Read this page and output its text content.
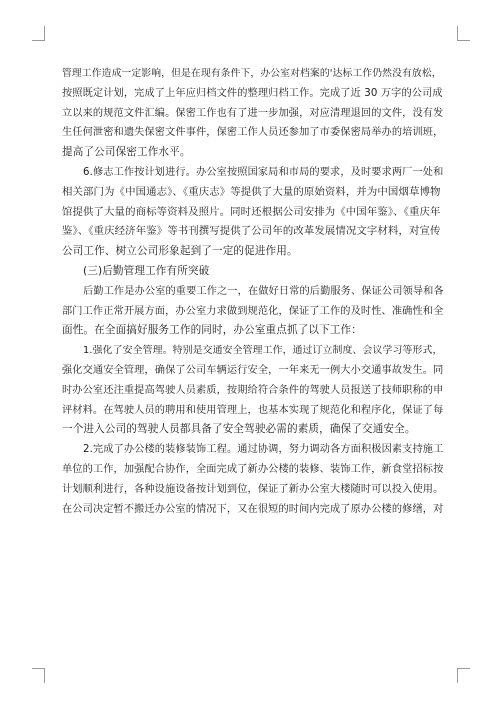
管理工作造成一定影响，但是在现有条件下，办公室对档案的'达标工作仍然没有放松，
按照既定计划，完成了上年应归档文件的整理归档工作。完成了近 30 万字的公司成
立以来的规范文件汇编。保密工作也有了进一步加强，对应清理退回的文件，没有发
生任何泄密和遗失保密文件事件，保密工作人员还参加了市委保密局举办的培训班，
提高了公司保密工作水平。
6.修志工作按计划进行。办公室按照国家局和市局的要求，及时要求两厂一处和
相关部门为《中国通志》、《重庆志》等提供了大量的原始资料，并为中国烟草博物
馆提供了大量的商标等资料及照片。同时还根据公司安排为《中国年鉴》、《重庆年
鉴》、《重庆经济年鉴》等书刊撰写提供了公司年的改革发展情况文字材料，对宣传
公司工作、树立公司形象起到了一定的促进作用。
(三)后勤管理工作有所突破
后勤工作是办公室的重要工作之一，在做好日常的后勤服务、保证公司领导和各
部门工作正常开展方面，办公室力求做到规范化，保证了工作的及时性、准确性和全
面性。在全面搞好服务工作的同时，办公室重点抓了以下工作：
1.强化了安全管理。特别是交通安全管理工作，通过订立制度、会议学习等形式，
强化交通安全管理，确保了公司车辆运行安全，一年来无一例大小交通事故发生。同
时办公室还注重提高驾驶人员素质，按期给符合条件的驾驶人员报送了技师职称的申
评材料。在驾驶人员的聘用和使用管理上，也基本实现了规范化和程序化，保证了每
一个进入公司的驾驶人员都具备了安全驾驶必需的素质，确保了交通安全。
2.完成了办公楼的装修装饰工程。通过协调，努力调动各方面积极因素支持施工
单位的工作，加强配合协作，全面完成了新办公楼的装修、装饰工作，新食堂招标按
计划顺利进行，各种设施设备按计划到位，保证了新办公室大楼随时可以投入使用。
在公司决定暂不搬迁办公室的情况下，又在很短的时间内完成了原办公楼的修缮，对
